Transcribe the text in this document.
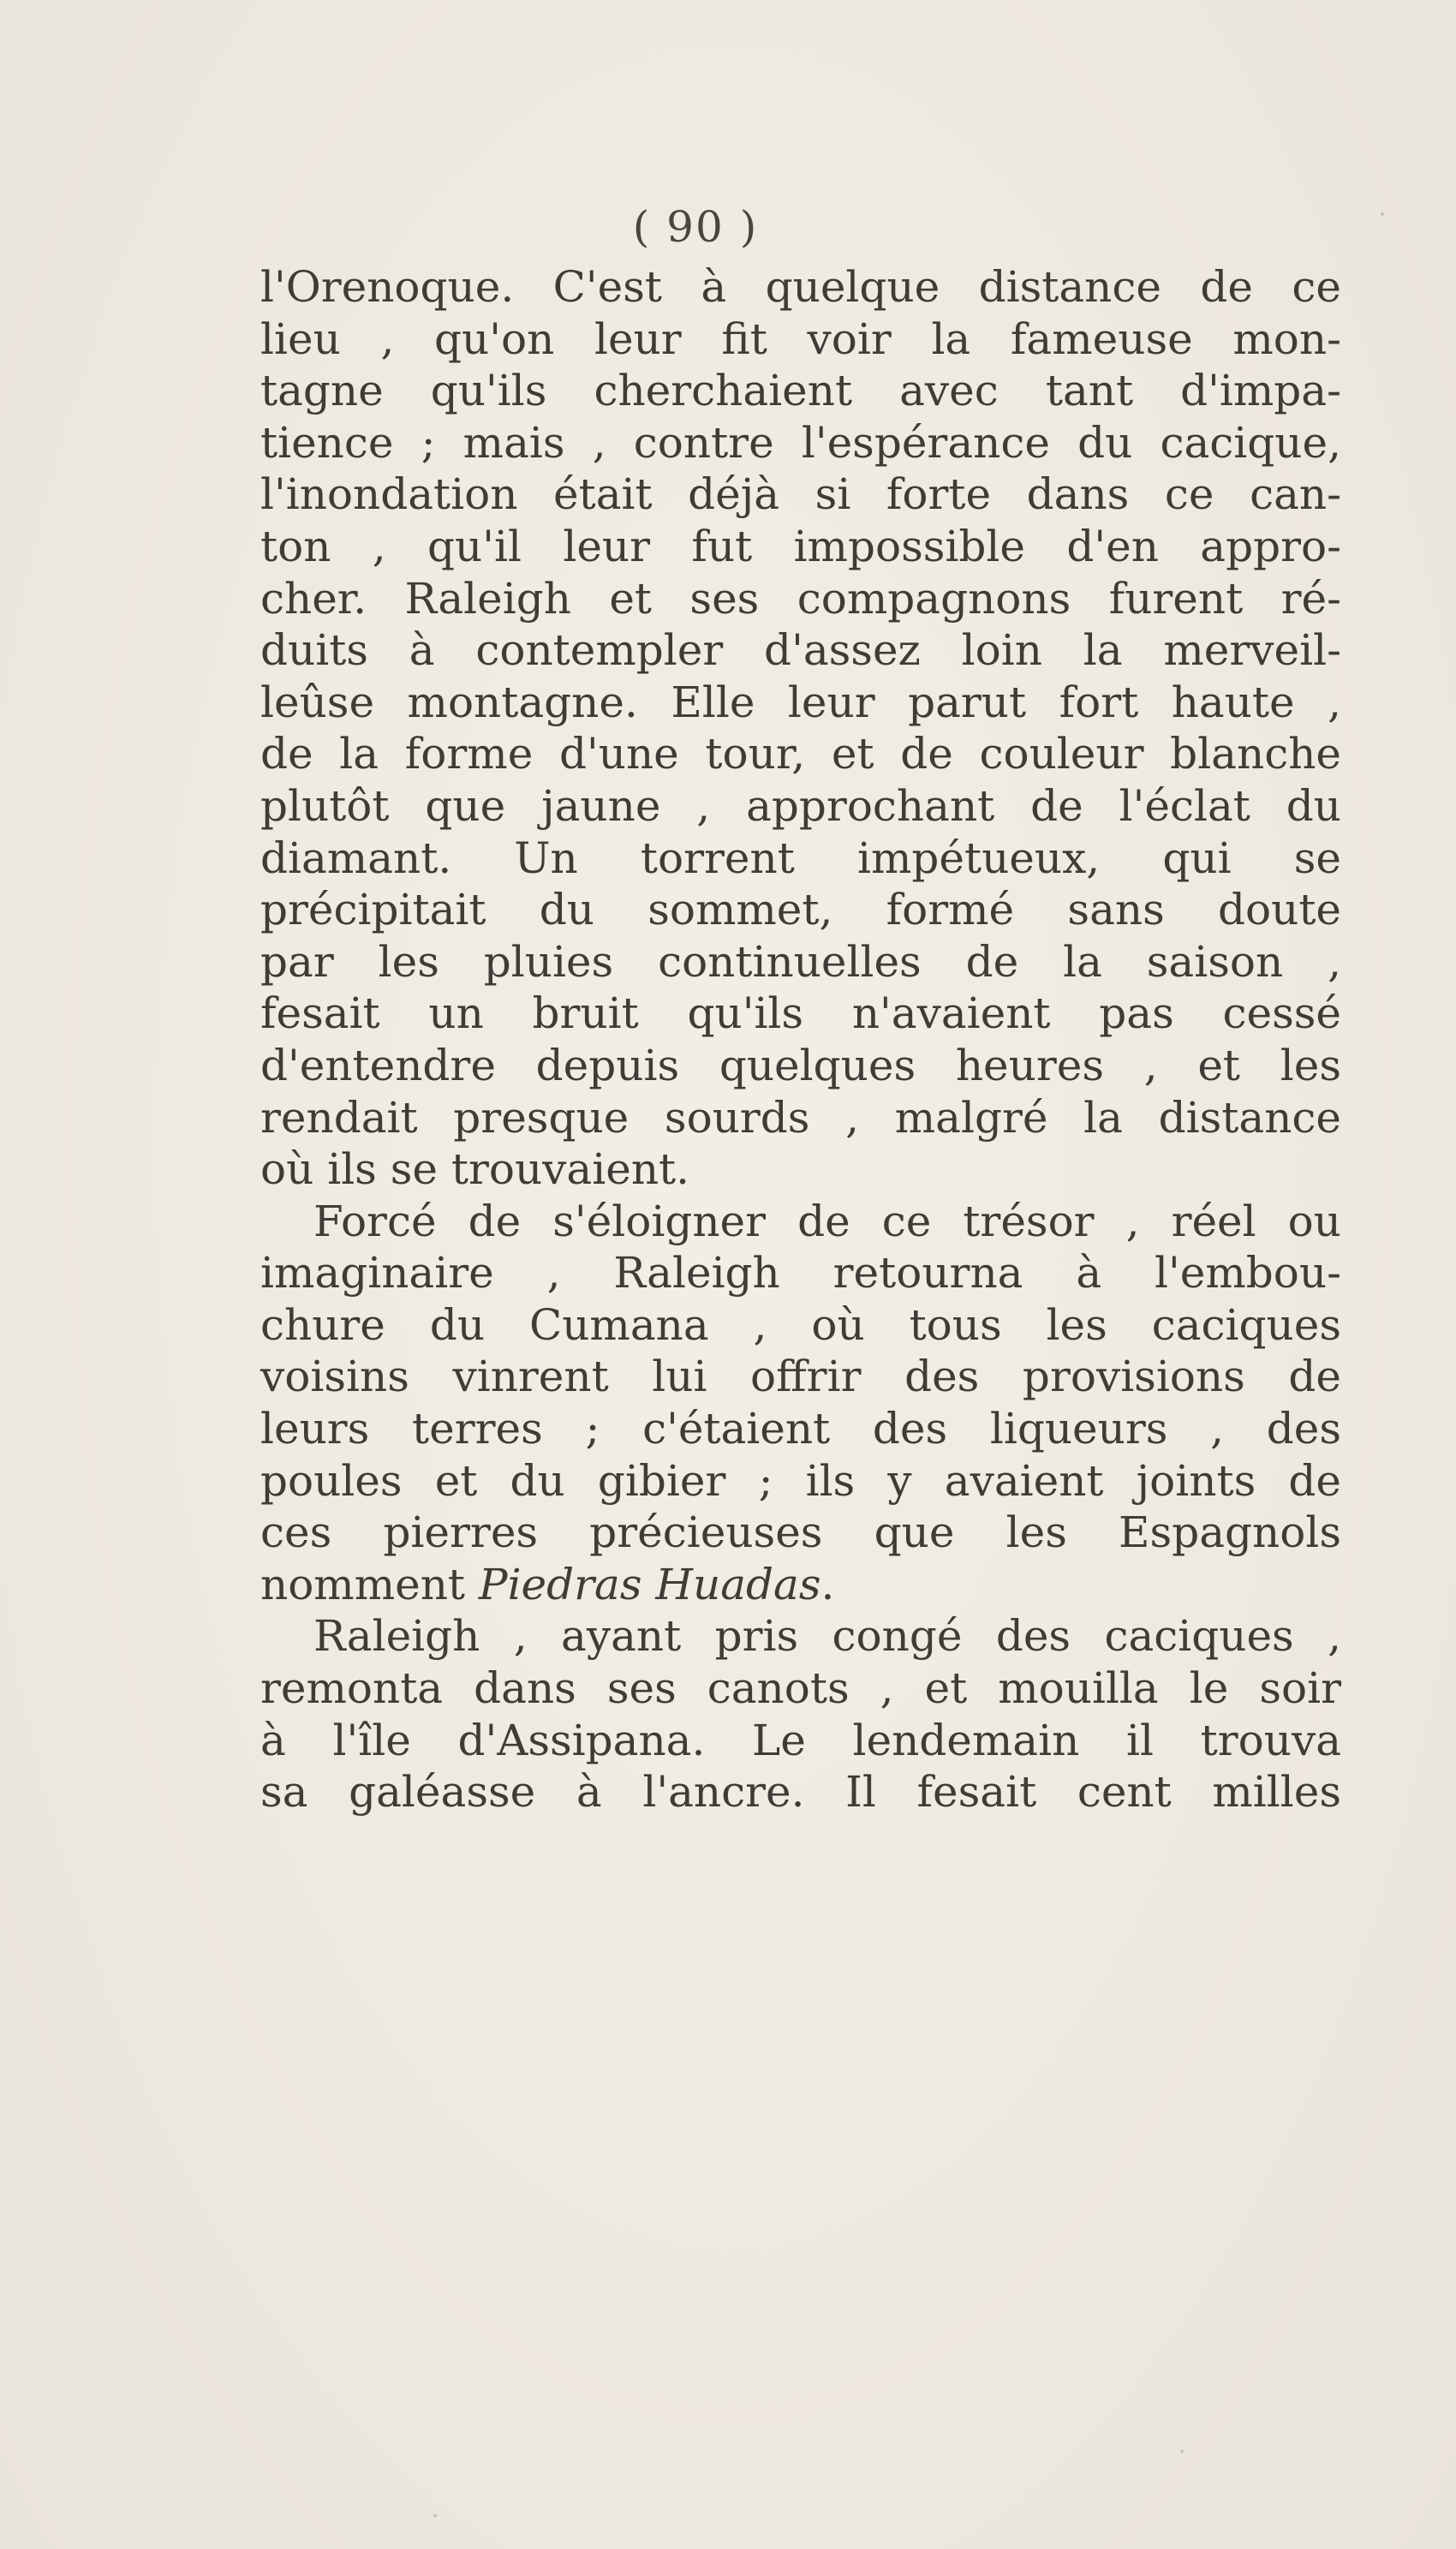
( 90 )
l'Orenoque. C'est à quelque distance de ce
lieu , qu'on leur fit voir la fameuse mon-
tagne qu'ils cherchaient avec tant d'impa-
tience ; mais , contre l'espérance du cacique,
l'inondation était déjà si forte dans ce can-
ton , qu'il leur fut impossible d'en appro-
cher. Raleigh et ses compagnons furent ré-
duits à contempler d'assez loin la merveil-
leûse montagne. Elle leur parut fort haute ,
de la forme d'une tour, et de couleur blanche
plutôt que jaune , approchant de l'éclat du
diamant. Un torrent impétueux, qui se
précipitait du sommet, formé sans doute
par les pluies continuelles de la saison ,
fesait un bruit qu'ils n'avaient pas cessé
d'entendre depuis quelques heures , et les
rendait presque sourds , malgré la distance
où ils se trouvaient.
Forcé de s'éloigner de ce trésor , réel ou
imaginaire , Raleigh retourna à l'embou-
chure du Cumana , où tous les caciques
voisins vinrent lui offrir des provisions de
leurs terres ; c'étaient des liqueurs , des
poules et du gibier ; ils y avaient joints de
ces pierres précieuses que les Espagnols
nomment Piedras Huadas.
Raleigh , ayant pris congé des caciques ,
remonta dans ses canots , et mouilla le soir
à l'île d'Assipana. Le lendemain il trouva
sa galéasse à l'ancre. Il fesait cent milles
